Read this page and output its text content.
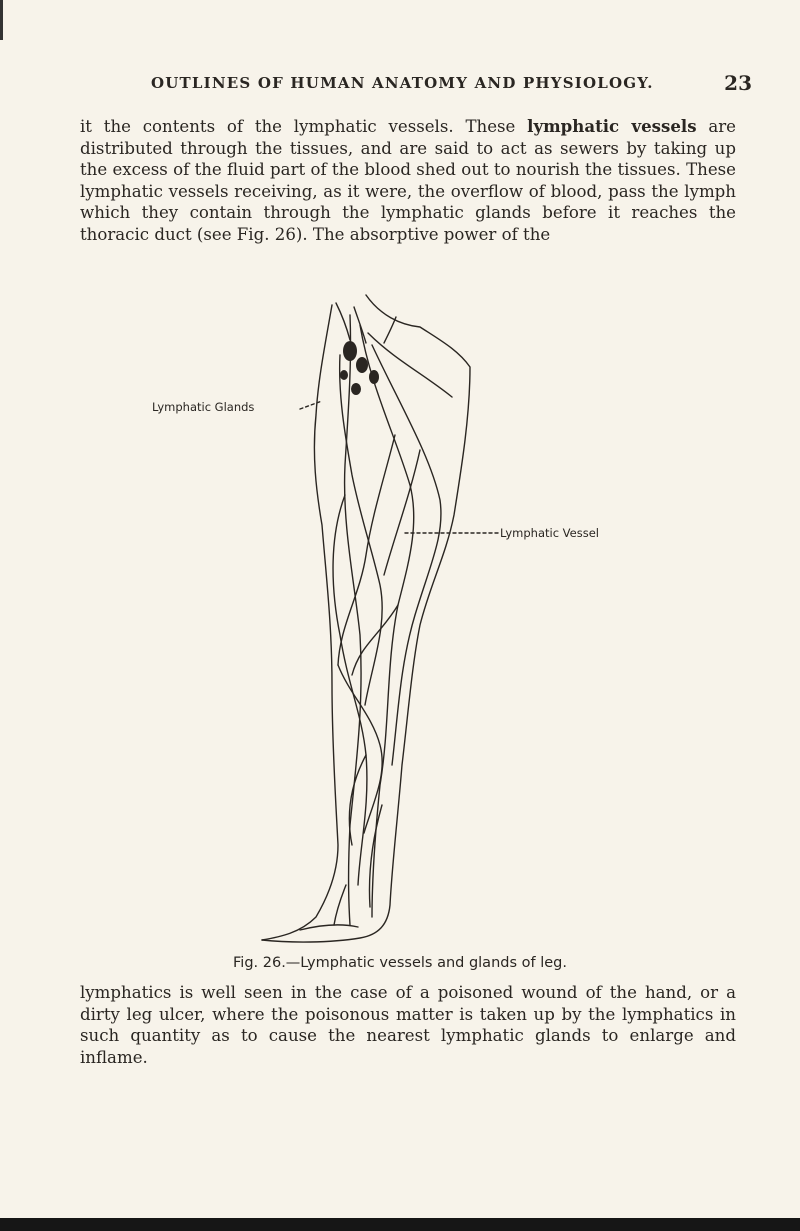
OUTLINES OF HUMAN ANATOMY AND PHYSIOLOGY.	23

it the contents of the lymphatic vessels. These lymphatic vessels are distributed through the tissues, and are said to act as sewers by taking up the excess of the fluid part of the blood shed out to nourish the tissues. These lymphatic vessels receiving, as it were, the overflow of blood, pass the lymph which they contain through the lymphatic glands before it reaches the thoracic duct (see Fig. 26). The absorptive power of the

Lymphatic Glands
Lymphatic Vessel
Fig. 26.—Lymphatic vessels and glands of leg.

lymphatics is well seen in the case of a poisoned wound of the hand, or a dirty leg ulcer, where the poisonous matter is taken up by the lymphatics in such quantity as to cause the nearest lymphatic glands to enlarge and inflame.
